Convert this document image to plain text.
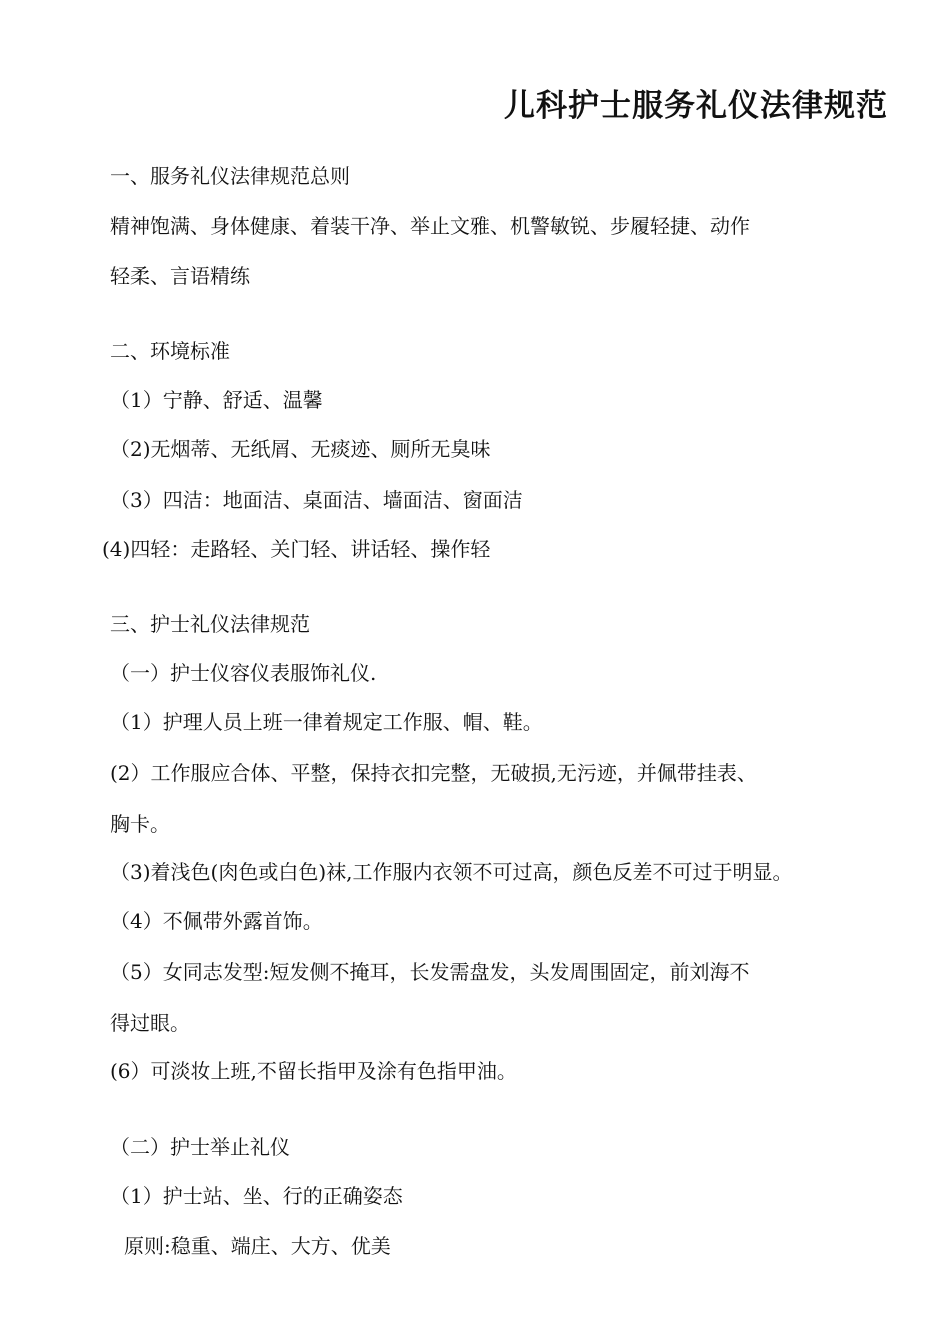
儿科护士服务礼仪法律规范
一、服务礼仪法律规范总则
精神饱满、身体健康、着装干净、举止文雅、机警敏锐、步履轻捷、动作
轻柔、言语精练
二、环境标准
（1）宁静、舒适、温馨
（2)无烟蒂、无纸屑、无痰迹、厕所无臭味
（3）四洁：地面洁、桌面洁、墙面洁、窗面洁
(4)四轻：走路轻、关门轻、讲话轻、操作轻
三、护士礼仪法律规范
（一）护士仪容仪表服饰礼仪.
（1）护理人员上班一律着规定工作服、帽、鞋。
(2）工作服应合体、平整，保持衣扣完整，无破损,无污迹，并佩带挂表、
胸卡。
（3)着浅色(肉色或白色)袜,工作服内衣领不可过高，颜色反差不可过于明显。
（4）不佩带外露首饰。
（5）女同志发型:短发侧不掩耳，长发需盘发，头发周围固定，前刘海不
得过眼。
(6）可淡妆上班,不留长指甲及涂有色指甲油。
（二）护士举止礼仪
（1）护士站、坐、行的正确姿态
原则:稳重、端庄、大方、优美
